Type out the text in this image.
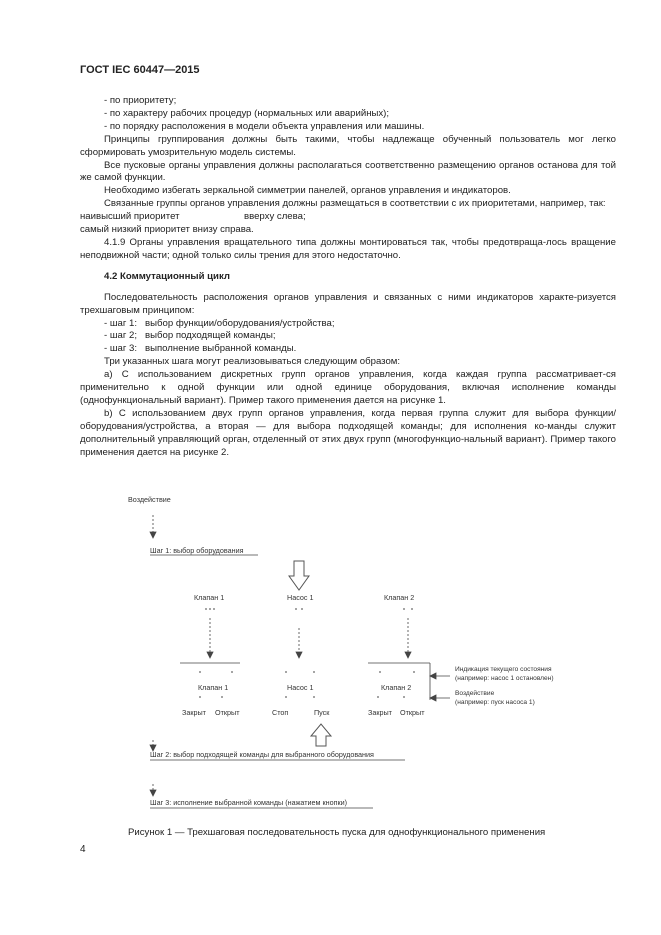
ГОСТ IEC 60447—2015

- по приоритету;

- по характеру рабочих процедур (нормальных или аварийных);

- по порядку расположения в модели объекта управления или машины.

Принципы группирования должны быть такими, чтобы надлежаще обученный пользователь мог легко сформировать умозрительную модель системы.

Все пусковые органы управления должны располагаться соответственно размещению органов останова для той же самой функции.

Необходимо избегать зеркальной симметрии панелей, органов управления и индикаторов.

Связанные группы органов управления должны размещаться в соответствии с их приоритетами, например, так:

наивысший приоритет	вверху слева;

самый низкий приоритет внизу справа.

4.1.9 Органы управления вращательного типа должны монтироваться так, чтобы предотвраща-лось вращение неподвижной части; одной только силы трения для этого недостаточно.

4.2 Коммутационный цикл

Последовательность расположения органов управления и связанных с ними индикаторов характе-ризуется трехшаговым принципом:

- шаг 1: выбор функции/оборудования/устройства;
- шаг 2; выбор подходящей команды;
- шаг 3: выполнение выбранной команды.

Три указанных шага могут реализовываться следующим образом:

а) С использованием дискретных групп органов управления, когда каждая группа рассматривает-ся применительно к одной функции или одной единице оборудования, включая исполнение команды (однофункциональный вариант). Пример такого применения дается на рисунке 1.

b) С использованием двух групп органов управления, когда первая группа служит для выбора функции/оборудования/устройства, а вторая — для выбора подходящей команды; для исполнения ко-манды служит дополнительный управляющий орган, отделенный от этих двух групп (многофункцио-нальный вариант). Пример такого применения дается на рисунке 2.

Воздействие
Шаг 1: выбор оборудования
Клапан 1	Насос 1	Клапан 2
Клапан 1	Насос 1	Клапан 2
Закрыт Открыт	Стоп	Пуск	Закрыт Открыт
Индикация текущего состояния
(например: насос 1 остановлен)
Воздействие
(например: пуск насоса 1)
Шаг 2: выбор подходящей команды для выбранного оборудования
Шаг 3: исполнение выбранной команды (нажатием кнопки)
Рисунок 1 — Трехшаговая последовательность пуска для однофункционального применения
4
